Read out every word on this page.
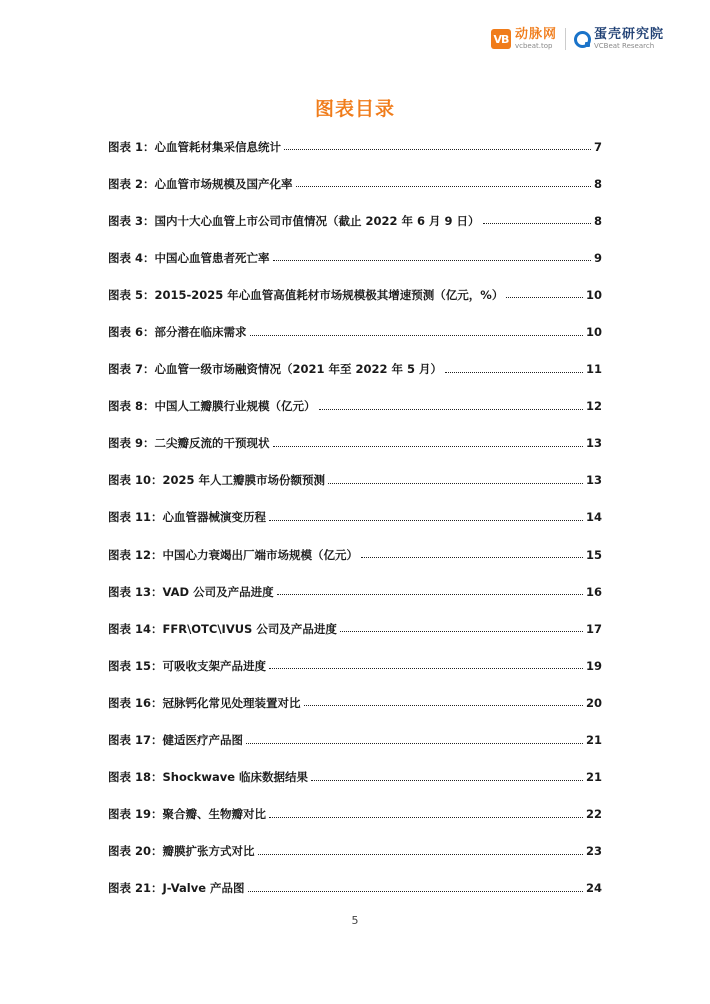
VB 动脉网
vcbeat.top
蛋壳研究院
VCBeat Research
图表目录
图表 1：心血管耗材集采信息统计	7
图表 2：心血管市场规模及国产化率	8
图表 3：国内十大心血管上市公司市值情况（截止 2022 年 6 月 9 日）	8
图表 4：中国心血管患者死亡率	9
图表 5：2015-2025 年心血管高值耗材市场规模极其增速预测（亿元，%）	10
图表 6：部分潜在临床需求	10
图表 7：心血管一级市场融资情况（2021 年至 2022 年 5 月）	11
图表 8：中国人工瓣膜行业规模（亿元）	12
图表 9：二尖瓣反流的干预现状	13
图表 10：2025 年人工瓣膜市场份额预测	13
图表 11：心血管器械演变历程	14
图表 12：中国心力衰竭出厂端市场规模（亿元）	15
图表 13：VAD 公司及产品进度	16
图表 14：FFR\OTC\IVUS 公司及产品进度	17
图表 15：可吸收支架产品进度	19
图表 16：冠脉钙化常见处理装置对比	20
图表 17：健适医疗产品图	21
图表 18：Shockwave 临床数据结果	21
图表 19：聚合瓣、生物瓣对比	22
图表 20：瓣膜扩张方式对比	23
图表 21：J-Valve 产品图	24
5
